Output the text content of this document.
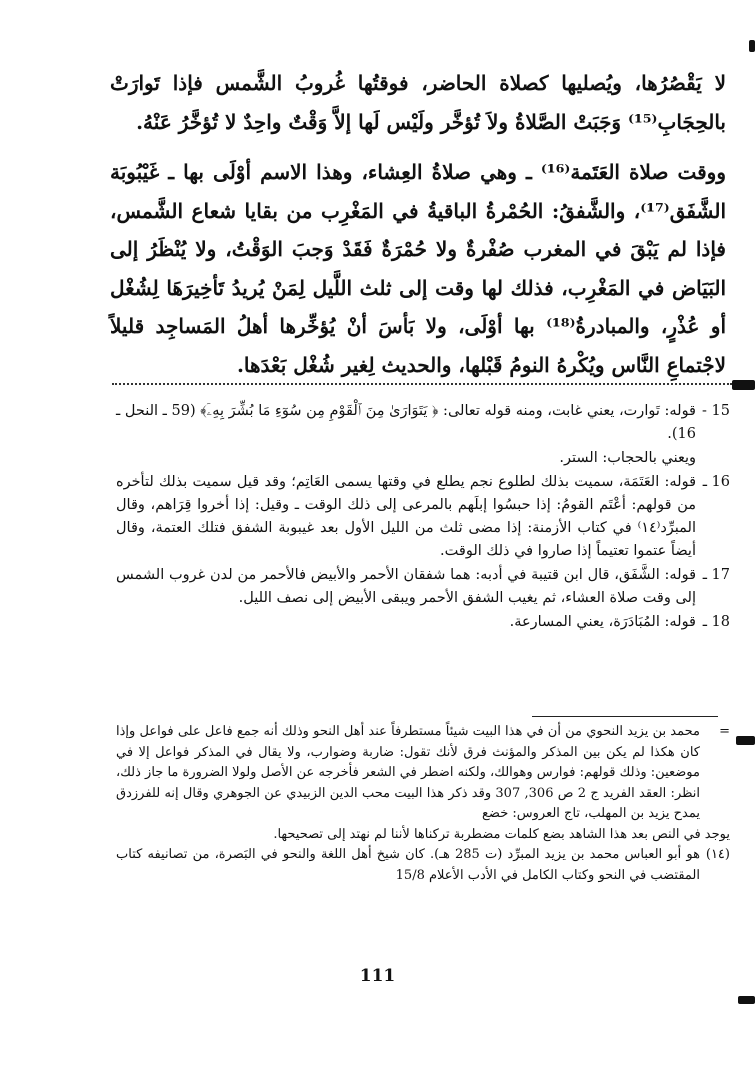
لا يَقْصُرُها، ويُصليها كصلاة الحاضر، فوقتُها غُروبُ الشَّمس فإذا تَوارَتْ بالحِجَابِ⁽¹⁵⁾ وَجَبَتْ الصَّلاةُ ولاَ تُؤخَّر ولَيْس لَها إلاَّ وَقْتٌ واحِدٌ لا تُؤخَّرُ عَنْهُ.

ووقت صلاة العَتَمة⁽¹⁶⁾ ـ وهي صلاةُ العِشاء، وهذا الاسم أوْلَى بها ـ غَيْبُوبَة الشَّفَق⁽¹⁷⁾، والشَّفقُ: الحُمْرةُ الباقيةُ في المَغْرِب من بقايا شعاع الشَّمس، فإذا لم يَبْقَ في المغرب صُفْرةٌ ولا حُمْرَةٌ فَقَدْ وَجبَ الوَقْتُ، ولا يُنْظَرُ إلى البَيَاض في المَغْرِب، فذلك لها وقت إلى ثلث اللَّيل لِمَنْ يُريدُ تَأخِيرَهَا لِشُغْل أو عُذْرٍ، والمبادرةُ⁽¹⁸⁾ بها أوْلَى، ولا بَأسَ أنْ يُؤخِّرها أهلُ المَساجِد قليلاً لاجْتماعِ النَّاس ويُكْرهُ النومُ قَبْلها، والحديث لِغير شُغْل بَعْدَها.

15 -
قوله: تَوارت، يعني غابت، ومنه قوله تعالى: ﴿ يَتَوَارَىٰ مِنَ ٱلْقَوْمِ مِن سُوٓءِ مَا بُشِّرَ بِهِۦٓ﴾ (59 ـ النحل ـ 16).
ويعني بالحجاب: الستر.
16 ـ
قوله: العَتَمَة، سميت بذلك لطلوع نجم يطلع في وقتها يسمى العَاتِم؛ وقد قيل سميت بذلك لتأخره من قولهم: أعْتَم القومُ: إذا حبسُوا إبلَهم بالمرعى إلى ذلك الوقت ـ وقيل: إذا أخروا قِرَاهم، وقال المبرِّد⁽١٤⁾ في كتاب الأزمنة: إذا مضى ثلث من الليل الأول بعد غيبوبة الشفق فتلك العتمة، وقال أيضاً عتموا تعتيماً إذا صاروا في ذلك الوقت.
17 ـ
قوله: الشَّفَق، قال ابن قتيبة في أدبه: هما شفقان الأحمر والأبيض فالأحمر من لدن غروب الشمس إلى وقت صلاة العشاء، ثم يغيب الشفق الأحمر ويبقى الأبيض إلى نصف الليل.
18 ـ
قوله: المُبَادَرَة، يعني المسارعة.
=
محمد بن يزيد النحوي من أن في هذا البيت شيئاً مستطرفاً عند أهل النحو وذلك أنه جمع فاعل على فواعل وإذا كان هكذا لم يكن بين المذكر والمؤنث فرق لأنك تقول: ضاربة وضوارب، ولا يقال في المذكر فواعل إلا في موضعين: وذلك قولهم: فوارس وهوالك، ولكنه اضطر في الشعر فأخرجه عن الأصل ولولا الضرورة ما جاز ذلك، انظر: العقد الفريد ج 2 ص 306, 307 وقد ذكر هذا البيت محب الدين الزبيدي عن الجوهري وقال إنه للفرزدق يمدح يزيد بن المهلب، تاج العروس: خضع
يوجد في النص بعد هذا الشاهد بضع كلمات مضطربة تركناها لأننا لم نهتد إلى تصحيحها.
(١٤)
هو أبو العباس محمد بن يزيد المبرِّد (ت 285 هـ). كان شيخ أهل اللغة والنحو في البَصرة، من تصانيفه كتاب المقتضب في النحو وكتاب الكامل في الأدب الأعلام 15/8
111
